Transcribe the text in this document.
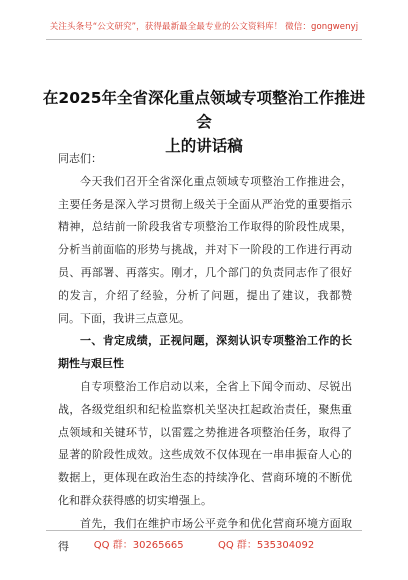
关注头条号“公文研究”，获得最新最全最专业的公文资料库！ 微信：gongwenyj
在2025年全省深化重点领域专项整治工作推进会
上的讲话稿

同志们：

今天我们召开全省深化重点领域专项整治工作推进会，主要任务是深入学习贯彻上级关于全面从严治党的重要指示精神，总结前一阶段我省专项整治工作取得的阶段性成果，分析当前面临的形势与挑战，并对下一阶段的工作进行再动员、再部署、再落实。刚才，几个部门的负责同志作了很好的发言，介绍了经验，分析了问题，提出了建议，我都赞同。下面，我讲三点意见。

一、肯定成绩，正视问题，深刻认识专项整治工作的长期性与艰巨性

自专项整治工作启动以来，全省上下闻令而动、尽锐出战，各级党组织和纪检监察机关坚决扛起政治责任，聚焦重点领域和关键环节，以雷霆之势推进各项整治任务，取得了显著的阶段性成效。这些成效不仅体现在一串串振奋人心的数据上，更体现在政治生态的持续净化、营商环境的不断优化和群众获得感的切实增强上。

首先，我们在维护市场公平竞争和优化营商环境方面取得	QQ 群：30265665	QQ 群：535304092
